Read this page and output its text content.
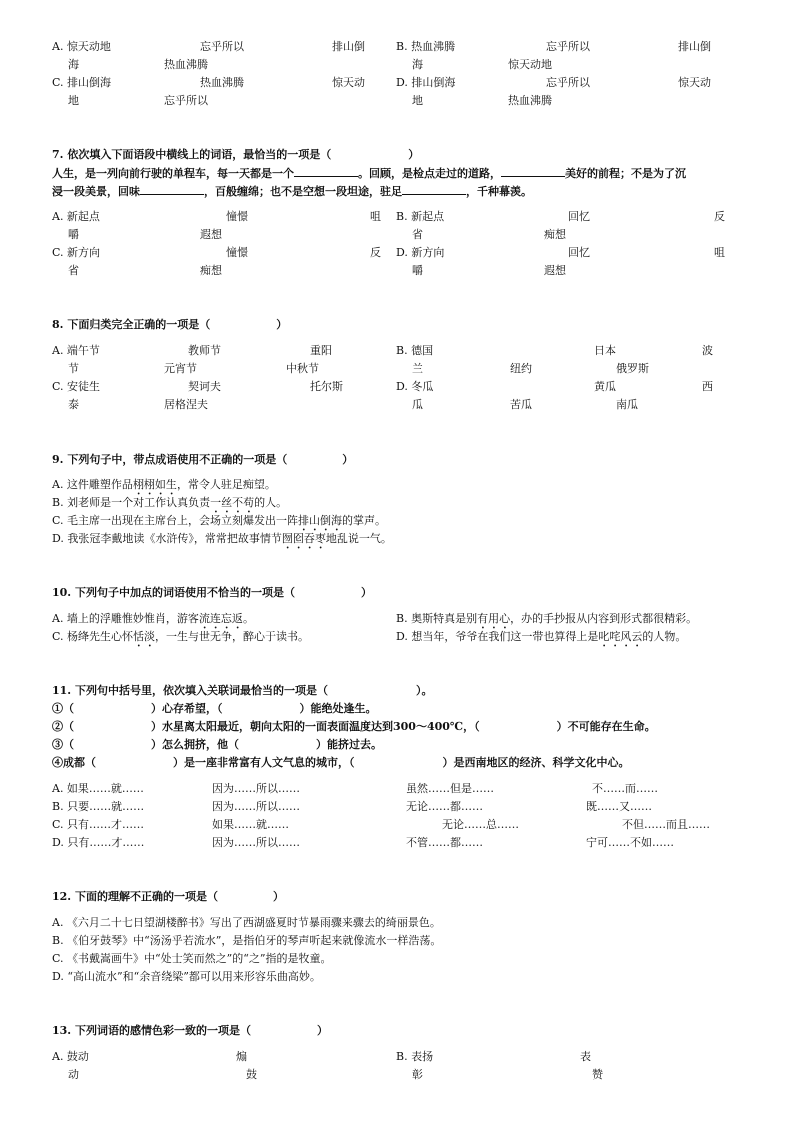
A. 惊天动地	忘乎所以	排山倒	B. 热血沸腾	忘乎所以	排山倒
海	热血沸腾	海	惊天动地
C. 排山倒海	热血沸腾	惊天动	D. 排山倒海	忘乎所以	惊天动
地	忘乎所以	地	热血沸腾
7. 依次填入下面语段中横线上的词语，最恰当的一项是（　　　　　　　）
人生，是一列向前行驶的单程车，每一天都是一个	。回顾，是检点走过的道路，	美好的前程；不是为了沉
浸一段美景，回味	，百般缠绵；也不是空想一段坦途，驻足	，千种幕羡。
A. 新起点	憧憬	咀 B. 新起点	回忆	反
嚼	遐想	省	痴想
C. 新方向	憧憬	反 D. 新方向	回忆	咀
省	痴想	嚼	遐想
8. 下面归类完全正确的一项是（　　　　　　）
A. 端午节	教师节	重阳	B. 德国	日本	波
节	元宵节	中秋节	兰	纽约	俄罗斯
C. 安徒生	契诃夫	托尔斯	D. 冬瓜	黄瓜	西
泰	居格涅夫	瓜	苦瓜	南瓜
9. 下列句子中，带点成语使用不正确的一项是（　　　　　）
A. 这件雕塑作品栩栩如生，常令人驻足痴望。
B. 刘老师是一个对工作认真负责一丝不苟的人。
C. 毛主席一出现在主席台上，会场立刻爆发出一阵排山倒海的掌声。
D. 我张冠李戴地读《水浒传》，常常把故事情节囫囵吞枣地乱说一气。
10. 下列句子中加点的词语使用不恰当的一项是（　　　　　　）
A. 墙上的浮雕惟妙惟肖，游客流连忘返。	B. 奥斯特真是别有用心，办的手抄报从内容到形式都很精彩。
C. 杨绛先生心怀恬淡，一生与世无争，醉心于读书。	D. 想当年，爷爷在我们这一带也算得上是叱咤风云的人物。
11. 下列句中括号里，依次填入关联词最恰当的一项是（　　　　　　　　）。
①（　　　　　　　）心存希望，（　　　　　　　）能绝处逢生。
②（　　　　　　　）水星离太阳最近，朝向太阳的一面表面温度达到300～400℃，（　　　　　　　）不可能存在生命。
③（　　　　　　　）怎么拥挤，他（　　　　　　　）能挤过去。
④成都（　　　　　　　）是一座非常富有人文气息的城市，（　　　　　　　　）是西南地区的经济、科学文化中心。
A. 如果……就……	因为……所以……	虽然……但是……	不……而……
B. 只要……就……	因为……所以……	无论……都……	既……又……
C. 只有……才……	如果……就……	无论……总……	不但……而且……
D. 只有……才……	因为……所以……	不管……都……	宁可……不如……
12. 下面的理解不正确的一项是（　　　　　）
A. 《六月二十七日望湖楼醉书》写出了西湖盛夏时节暴雨骤来骤去的绮丽景色。
B. 《伯牙鼓琴》中“汤汤乎若流水”，是指伯牙的琴声听起来就像流水一样浩荡。
C. 《书戴嵩画牛》中“处士笑而然之”的“之”指的是牧童。
D. “高山流水”和“余音绕梁”都可以用来形容乐曲高妙。
13. 下列词语的感情色彩一致的一项是（　　　　　　）
A. 鼓动	煽	B. 表扬	表
动	鼓	彰	赞
